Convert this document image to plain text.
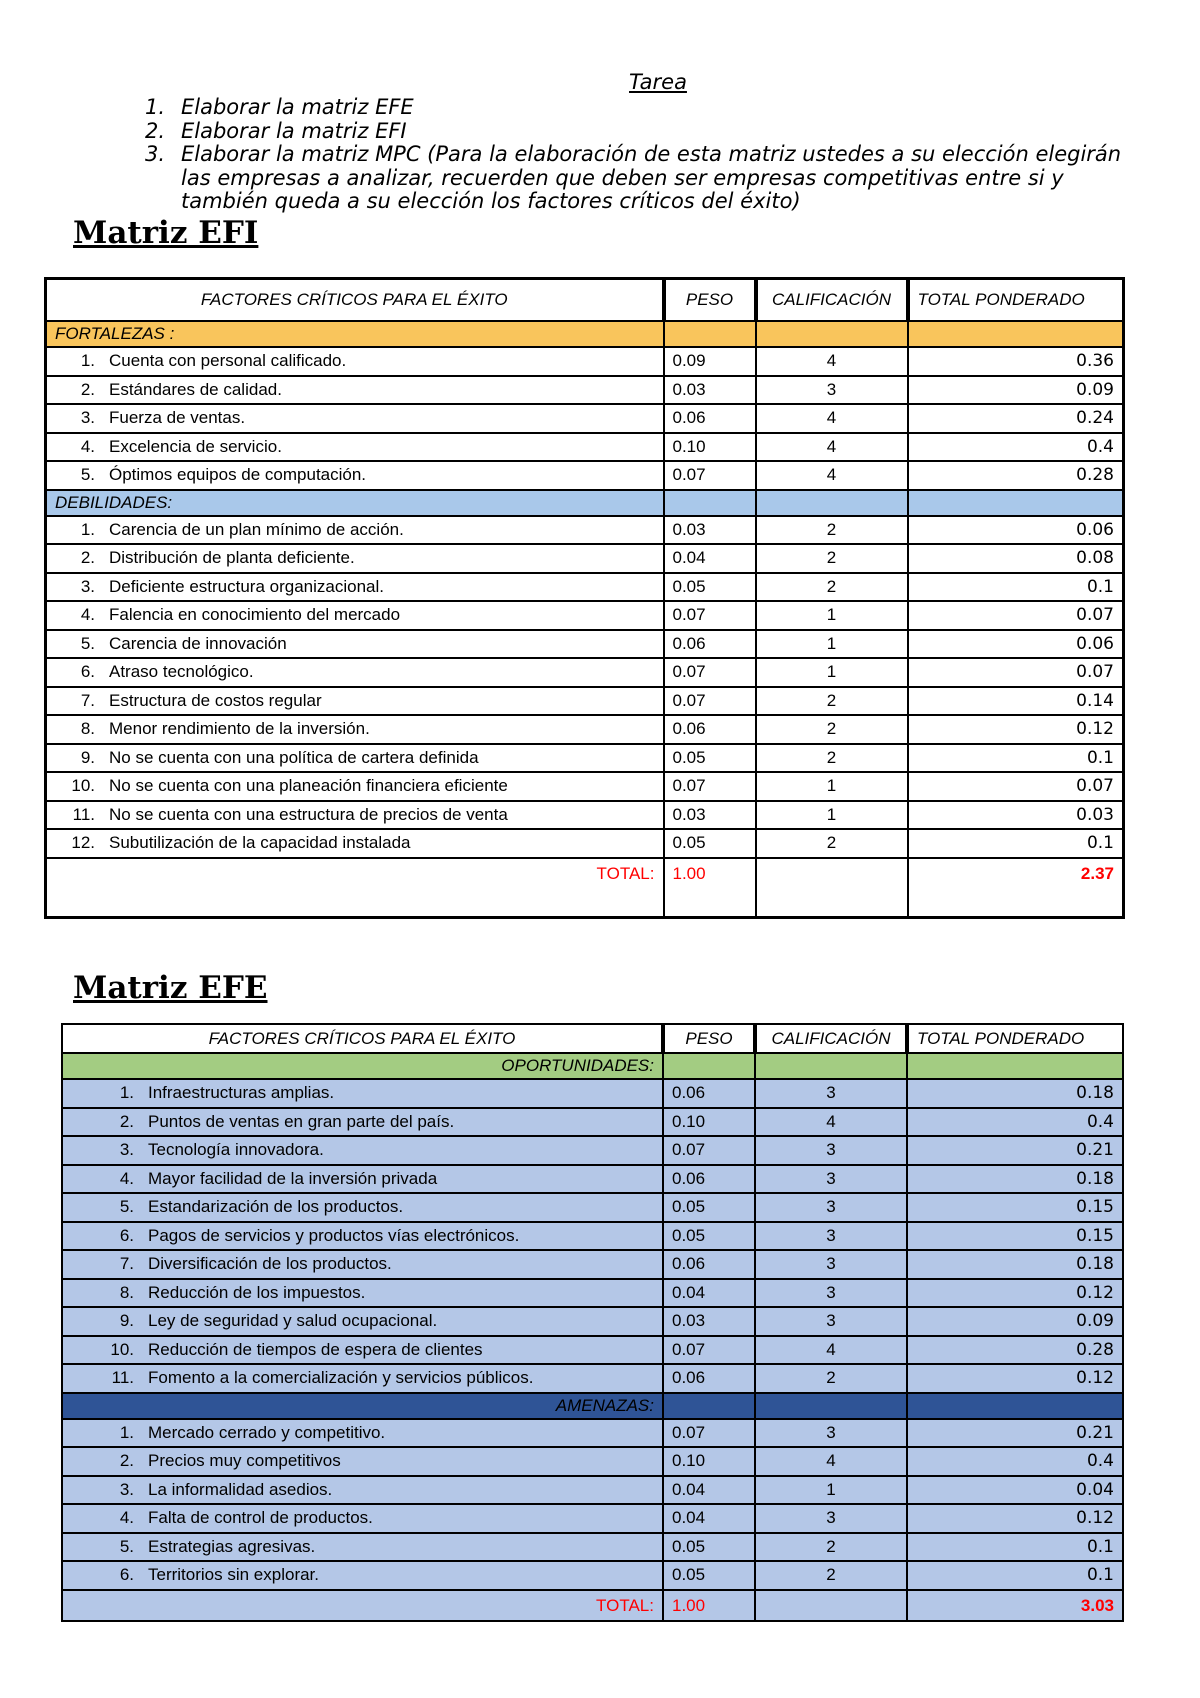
Tarea
1. Elaborar la matriz EFE
2. Elaborar la matriz EFI
3. Elaborar la matriz MPC (Para la elaboración de esta matriz ustedes a su elección elegirán las empresas a analizar, recuerden que deben ser empresas competitivas entre si y también queda a su elección los factores críticos del éxito)
Matriz EFI
FACTORES CRÍTICOS PARA EL ÉXITO	PESO	CALIFICACIÓN	TOTAL PONDERADO
FORTALEZAS :			
1. Cuenta con personal calificado.	0.09	4	0.36
2. Estándares de calidad.	0.03	3	0.09
3. Fuerza de ventas.	0.06	4	0.24
4. Excelencia de servicio.	0.10	4	0.4
5. Óptimos equipos de computación.	0.07	4	0.28
DEBILIDADES:			
1. Carencia de un plan mínimo de acción.	0.03	2	0.06
2. Distribución de planta deficiente.	0.04	2	0.08
3. Deficiente estructura organizacional.	0.05	2	0.1
4. Falencia en conocimiento del mercado	0.07	1	0.07
5. Carencia de innovación	0.06	1	0.06
6. Atraso tecnológico.	0.07	1	0.07
7. Estructura de costos regular	0.07	2	0.14
8. Menor rendimiento de la inversión.	0.06	2	0.12
9. No se cuenta con una política de cartera definida	0.05	2	0.1
10. No se cuenta con una planeación financiera eficiente	0.07	1	0.07
11. No se cuenta con una estructura de precios de venta	0.03	1	0.03
12. Subutilización de la capacidad instalada	0.05	2	0.1
TOTAL:	1.00		2.37
Matriz EFE
FACTORES CRÍTICOS PARA EL ÉXITO	PESO	CALIFICACIÓN	TOTAL PONDERADO
OPORTUNIDADES:			
1. Infraestructuras amplias.	0.06	3	0.18
2. Puntos de ventas en gran parte del país.	0.10	4	0.4
3. Tecnología innovadora.	0.07	3	0.21
4. Mayor facilidad de la inversión privada	0.06	3	0.18
5. Estandarización de los productos.	0.05	3	0.15
6. Pagos de servicios y productos vías electrónicos.	0.05	3	0.15
7. Diversificación de los productos.	0.06	3	0.18
8. Reducción de los impuestos.	0.04	3	0.12
9. Ley de seguridad y salud ocupacional.	0.03	3	0.09
10. Reducción de tiempos de espera de clientes	0.07	4	0.28
11. Fomento a la comercialización y servicios públicos.	0.06	2	0.12
AMENAZAS:			
1. Mercado cerrado y competitivo.	0.07	3	0.21
2. Precios muy competitivos	0.10	4	0.4
3. La informalidad asedios.	0.04	1	0.04
4. Falta de control de productos.	0.04	3	0.12
5. Estrategias agresivas.	0.05	2	0.1
6. Territorios sin explorar.	0.05	2	0.1
TOTAL:	1.00		3.03
